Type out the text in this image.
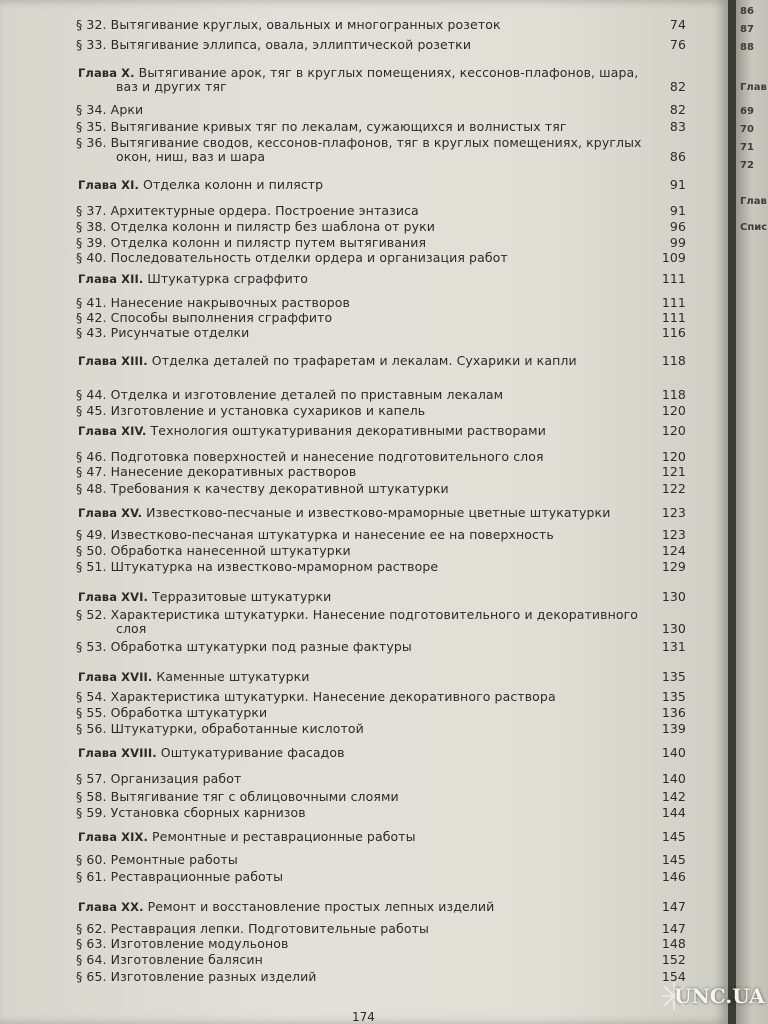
§ 32. Вытягивание круглых, овальных и многогранных розеток	74
§ 33. Вытягивание эллипса, овала, эллиптической розетки	76
Глава X. Вытягивание арок, тяг в круглых помещениях, кессонов-плафонов, шара,
ваз и других тяг	82
§ 34. Арки	82
§ 35. Вытягивание кривых тяг по лекалам, сужающихся и волнистых тяг	83
§ 36. Вытягивание сводов, кессонов-плафонов, тяг в круглых помещениях, круглых
окон, ниш, ваз и шара	86
Глава XI. Отделка колонн и пилястр	91
§ 37. Архитектурные ордера. Построение энтазиса	91
§ 38. Отделка колонн и пилястр без шаблона от руки	96
§ 39. Отделка колонн и пилястр путем вытягивания	99
§ 40. Последовательность отделки ордера и организация работ	109
Глава XII. Штукатурка сграффито	111
§ 41. Нанесение накрывочных растворов	111
§ 42. Способы выполнения сграффито	111
§ 43. Рисунчатые отделки	116
Глава XIII. Отделка деталей по трафаретам и лекалам. Сухарики и капли	118
§ 44. Отделка и изготовление деталей по приставным лекалам	118
§ 45. Изготовление и установка сухариков и капель	120
Глава XIV. Технология оштукатуривания декоративными растворами	120
§ 46. Подготовка поверхностей и нанесение подготовительного слоя	120
§ 47. Нанесение декоративных растворов	121
§ 48. Требования к качеству декоративной штукатурки	122
Глава XV. Известково-песчаные и известково-мраморные цветные штукатурки	123
§ 49. Известково-песчаная штукатурка и нанесение ее на поверхность	123
§ 50. Обработка нанесенной штукатурки	124
§ 51. Штукатурка на известково-мраморном растворе	129
Глава XVI. Терразитовые штукатурки	130
§ 52. Характеристика штукатурки. Нанесение подготовительного и декоративного
слоя	130
§ 53. Обработка штукатурки под разные фактуры	131
Глава XVII. Каменные штукатурки	135
§ 54. Характеристика штукатурки. Нанесение декоративного раствора	135
§ 55. Обработка штукатурки	136
§ 56. Штукатурки, обработанные кислотой	139
Глава XVIII. Оштукатуривание фасадов	140
§ 57. Организация работ	140
§ 58. Вытягивание тяг с облицовочными слоями	142
§ 59. Установка сборных карнизов	144
Глава XIX. Ремонтные и реставрационные работы	145
§ 60. Ремонтные работы	145
§ 61. Реставрационные работы	146
Глава XX. Ремонт и восстановление простых лепных изделий	147
§ 62. Реставрация лепки. Подготовительные работы	147
§ 63. Изготовление модульонов	148
§ 64. Изготовление балясин	152
§ 65. Изготовление разных изделий	154
174
86
87
88
Глав
69
70
71
72
Глав
Спис
UNC.UA
